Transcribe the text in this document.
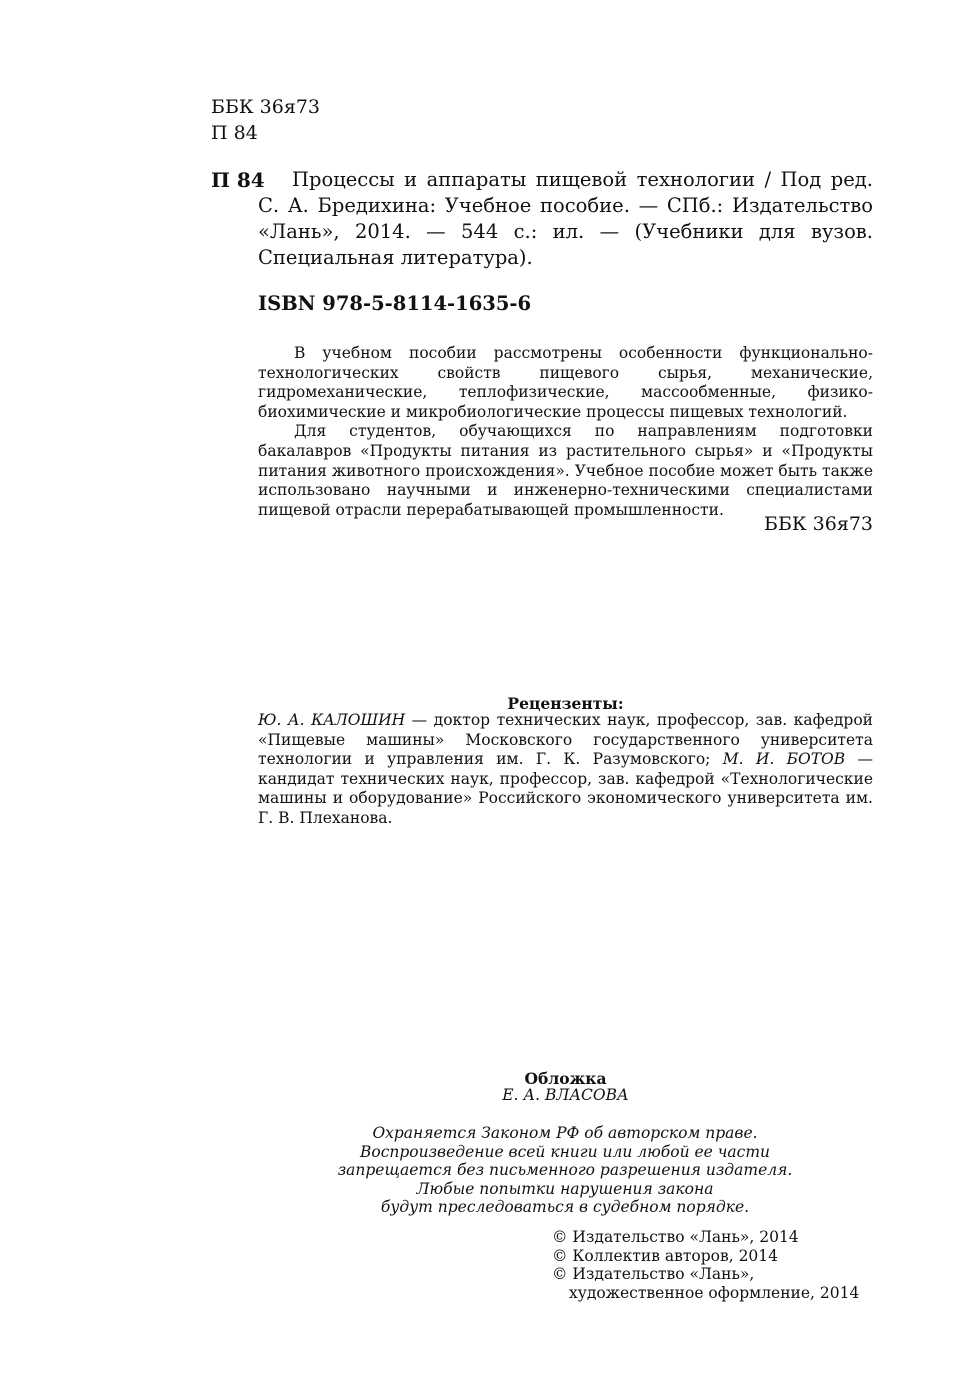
ББК 36я73
П 84
П 84 Процессы и аппараты пищевой технологии / Под ред.
С. А. Бредихина: Учебное пособие. — СПб.: Издательство «Лань», 2014. — 544 с.: ил. — (Учебники для вузов. Специальная литература).
ISBN 978-5-8114-1635-6

В учебном пособии рассмотрены особенности функционально-технологических свойств пищевого сырья, механические, гидромеханические, теплофизические, массообменные, физико-биохимические и микробиологические процессы пищевых технологий.

Для студентов, обучающихся по направлениям подготовки бакалавров «Продукты питания из растительного сырья» и «Продукты питания животного происхождения». Учебное пособие может быть также использовано научными и инженерно-техническими специалистами пищевой отрасли перерабатывающей промышленности.

ББК 36я73
Рецензенты:
Ю. А. КАЛОШИН — доктор технических наук, профессор, зав. кафедрой «Пищевые машины» Московского государственного университета технологии и управления им. Г. К. Разумовского; М. И. БОТОВ — кандидат технических наук, профессор, зав. кафедрой «Технологические машины и оборудование» Российского экономического университета им. Г. В. Плеханова.
Обложка
Е. А. ВЛАСОВА
Охраняется Законом РФ об авторском праве.
Воспроизведение всей книги или любой ее части
запрещается без письменного разрешения издателя.
Любые попытки нарушения закона
будут преследоваться в судебном порядке.
© Издательство «Лань», 2014
© Коллектив авторов, 2014
© Издательство «Лань»,
художественное оформление, 2014
